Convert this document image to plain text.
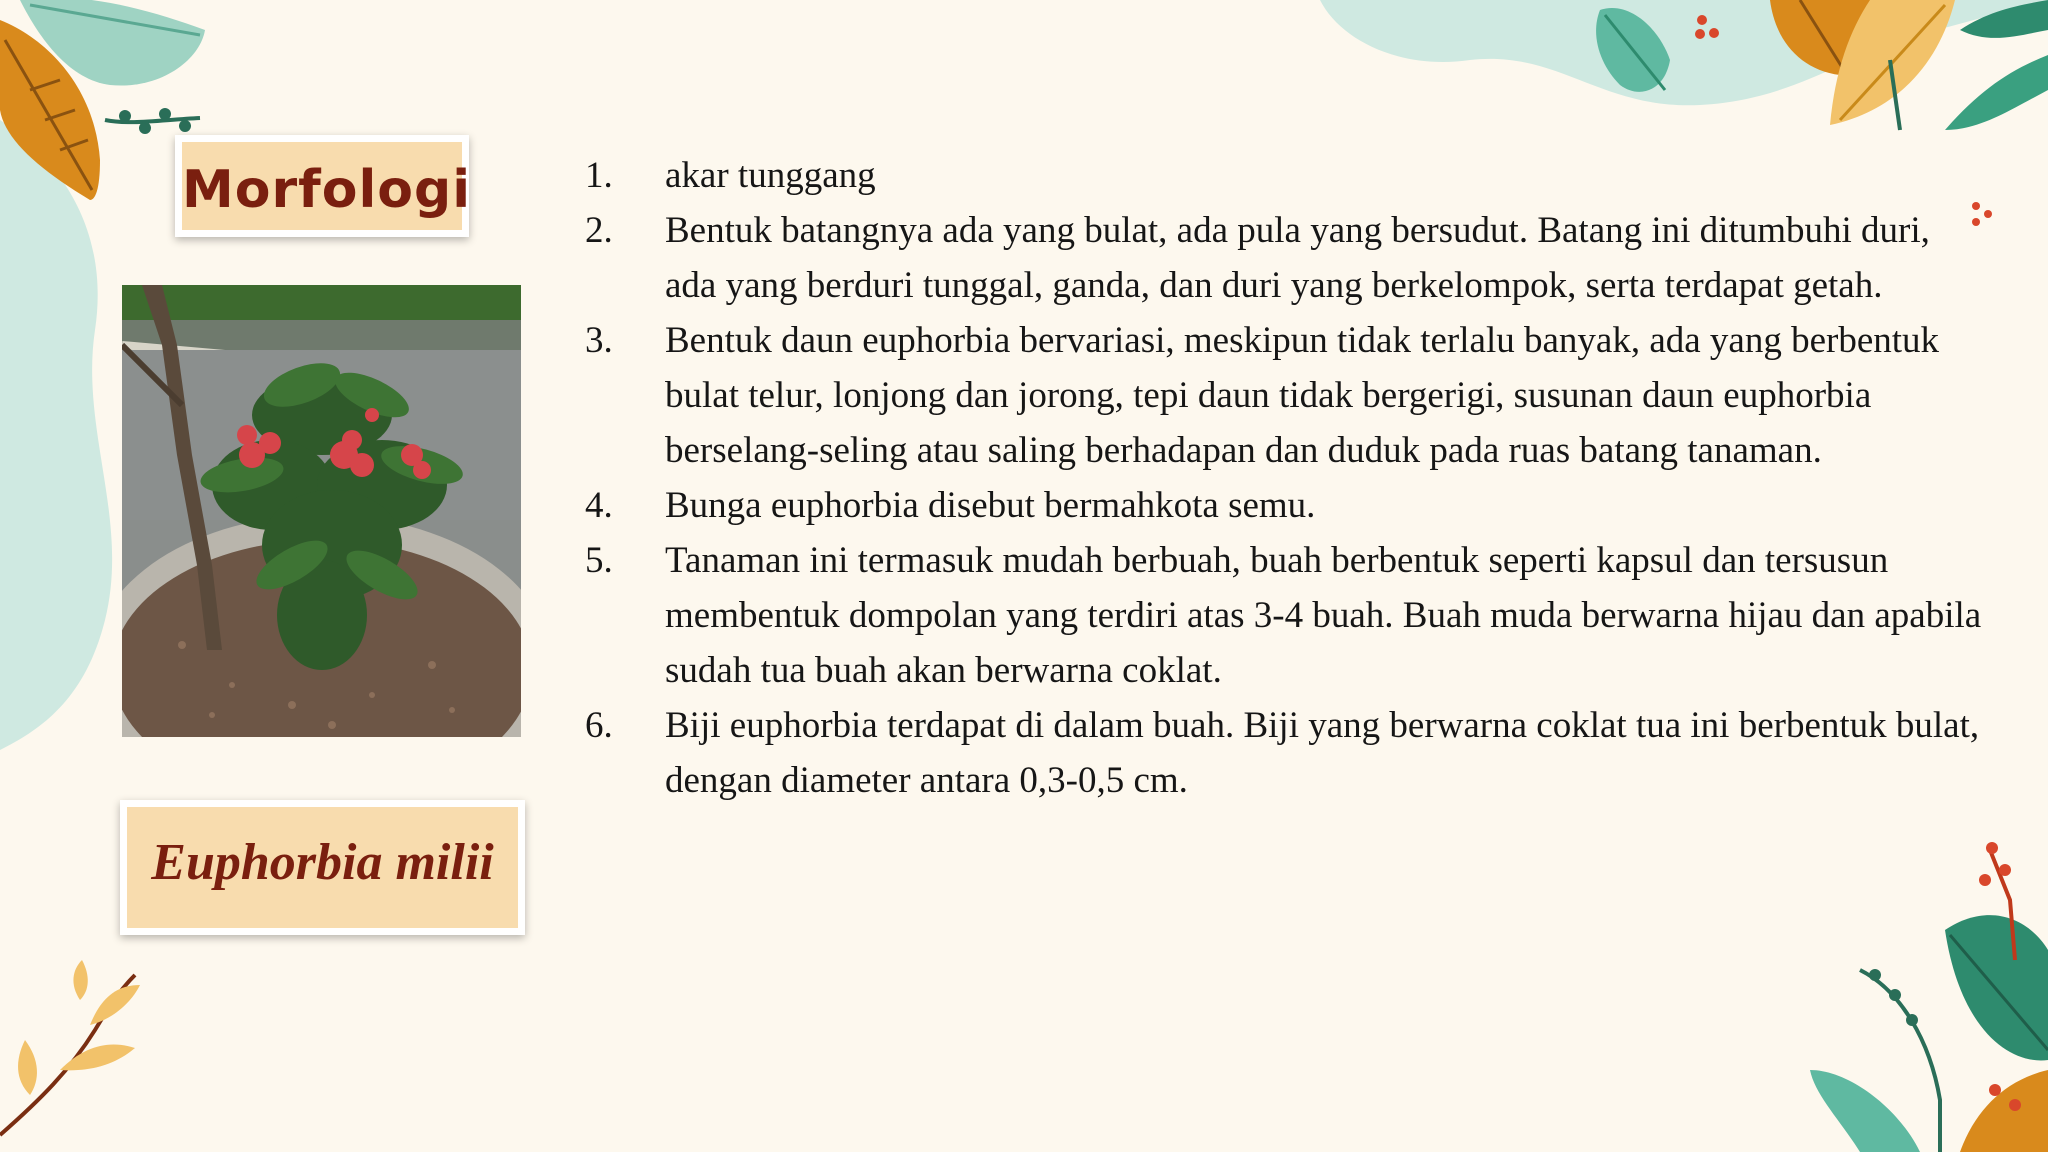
Morfologi
Euphorbia milii
1. akar tunggang
2. Bentuk batangnya ada yang bulat, ada pula yang bersudut. Batang ini ditumbuhi duri, ada yang berduri tunggal, ganda, dan duri yang berkelompok, serta terdapat getah.
3. Bentuk daun euphorbia bervariasi, meskipun tidak terlalu banyak, ada yang berbentuk bulat telur, lonjong dan jorong, tepi daun tidak bergerigi, susunan daun euphorbia berselang-seling atau saling berhadapan dan duduk pada ruas batang tanaman.
4. Bunga euphorbia disebut bermahkota semu.
5. Tanaman ini termasuk mudah berbuah, buah berbentuk seperti kapsul dan tersusun membentuk dompolan yang terdiri atas 3-4 buah. Buah muda berwarna hijau dan apabila sudah tua buah akan berwarna coklat.
6. Biji euphorbia terdapat di dalam buah. Biji yang berwarna coklat tua ini berbentuk bulat, dengan diameter antara 0,3-0,5 cm.
